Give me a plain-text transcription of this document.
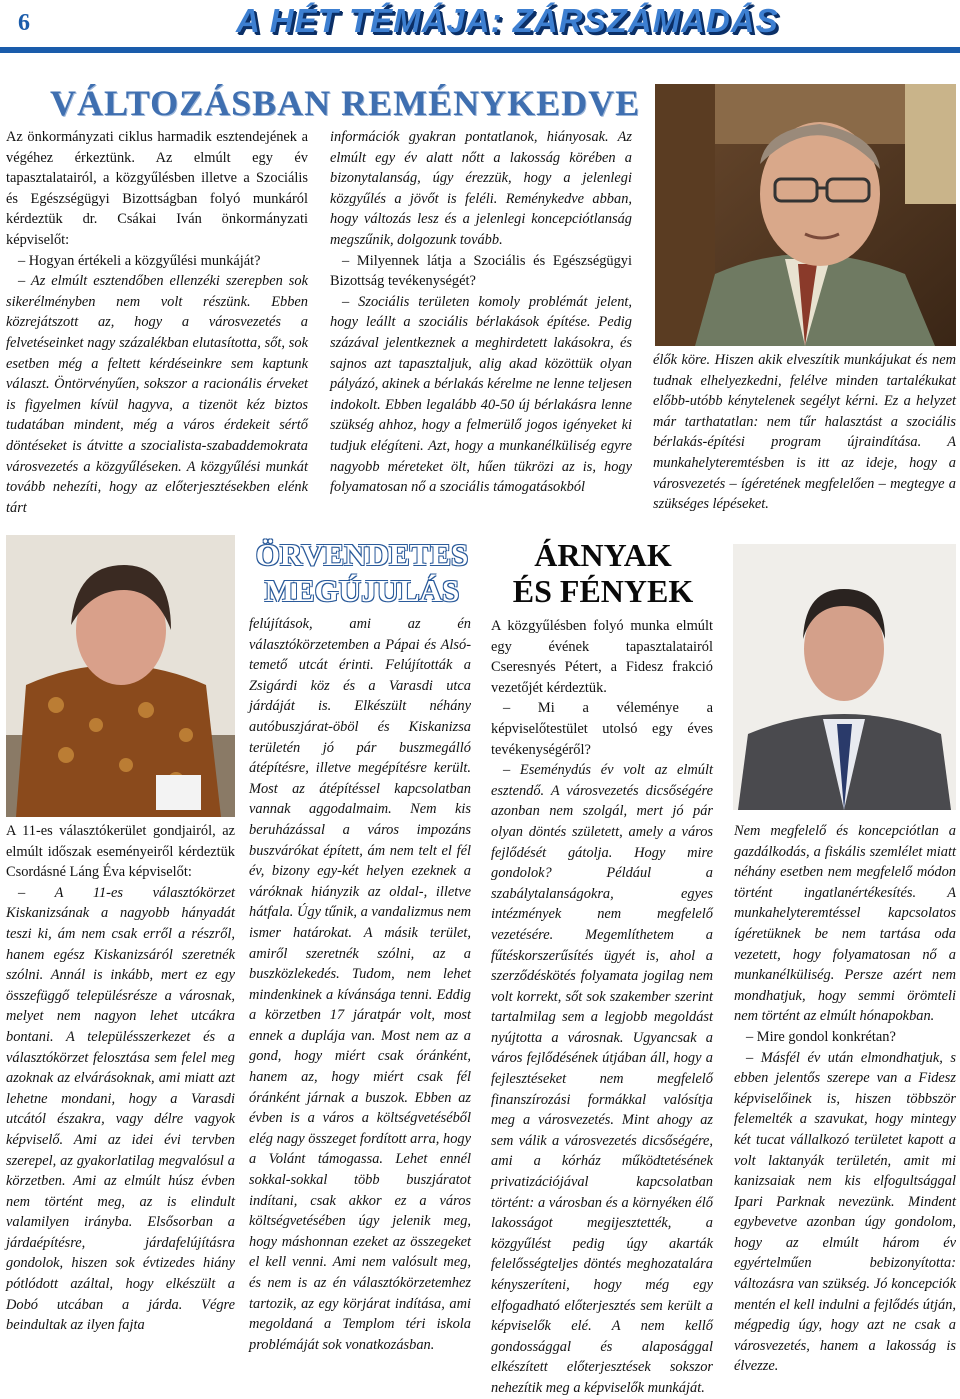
6	A HÉT TÉMÁJA: ZÁRSZÁMADÁS
VÁLTOZÁSBAN REMÉNYKEDVE

Az önkormányzati ciklus harmadik esztendejének a végéhez érkeztünk. Az elmúlt egy év tapasztalatairól, a közgyűlésben illetve a Szociális és Egészségügyi Bizottságban folyó munkáról kérdeztük dr. Csákai Iván önkormányzati képviselőt:

– Hogyan értékeli a közgyűlési munkáját?

– Az elmúlt esztendőben ellenzéki szerepben sok sikerélményben nem volt részünk. Ebben közrejátszott az, hogy a városvezetés a felvetéseinket nagy százalékban elutasította, sőt, sok esetben még a feltett kérdéseinkre sem kaptunk választ. Öntörvényűen, sokszor a racionális érveket is figyelmen kívül hagyva, a tizenöt kéz biztos tudatában mindent, még a város érdekeit sértő döntéseket is átvitte a szocialista-szabaddemokrata városvezetés a közgyűléseken. A közgyűlési munkát tovább nehezíti, hogy az előterjesztésekben elénk tárt

információk gyakran pontatlanok, hiányosak. Az elmúlt egy év alatt nőtt a lakosság körében a bizonytalanság, úgy érezzük, hogy a jelenlegi közgyűlés a jövőt is feléli. Reménykedve abban, hogy változás lesz és a jelenlegi koncepciótlanság megszűnik, dolgozunk tovább.

– Milyennek látja a Szociális és Egészségügyi Bizottság tevékenységét?

– Szociális területen komoly problémát jelent, hogy leállt a szociális bérlakások építése. Pedig százával jelentkeznek a meghirdetett lakásokra, és sajnos azt tapasztaljuk, alig akad közöttük olyan pályázó, akinek a bérlakás kérelme ne lenne teljesen indokolt. Ebben legalább 40-50 új bérlakásra lenne szükség ahhoz, hogy a felmerülő jogos igényeket ki tudjuk elégíteni. Azt, hogy a munkanélküliség egyre nagyobb méreteket ölt, hűen tükrözi az is, hogy folyamatosan nő a szociális támogatásokból

élők köre. Hiszen akik elveszítik munkájukat és nem tudnak elhelyezkedni, felélve minden tartalékukat előbb-utóbb kénytelenek segélyt kérni. Ez a helyzet már tarthatatlan: nem tűr halasztást a szociális bérlakás-építési program újraindítása. A munkahelyteremtésben is itt az ideje, hogy a városvezetés – ígéretének megfelelően – megtegye a szükséges lépéseket.

A 11-es választókerület gondjairól, az elmúlt időszak eseményeiről kérdeztük Csordásné Láng Éva képviselőt:

– A 11-es választókörzet Kiskanizsának a nagyobb hányadát teszi ki, ám nem csak erről a részről, hanem egész Kiskanizsáról szeretnék szólni. Annál is inkább, mert ez egy összefüggő településrésze a városnak, melyet nem nagyon lehet utcákra bontani. A településszerkezet és a választókörzet felosztása sem felel meg azoknak az elvárásoknak, ami miatt azt lehetne mondani, hogy a Varasdi utcától északra, vagy délre vagyok képviselő. Ami az idei évi tervben szerepel, az gyakorlatilag megvalósul a körzetben. Ami az elmúlt húsz évben nem történt meg, az is elindult valamilyen irányba. Elsősorban a járdaépítésre, járdafelújításra gondolok, hiszen sok évtizedes hiány pótlódott azáltal, hogy elkészült a Dobó utcában a járda. Végre beindultak az ilyen fajta

ÖRVENDETES
MEGÚJULÁS

felújítások, ami az én választókörzetemben a Pápai és Alsó-temető utcát érinti. Felújították a Zsigárdi köz és a Varasdi utca járdáját is. Elkészült néhány autóbuszjárat-öböl és Kiskanizsa területén jó pár buszmegálló átépítésre, illetve megépítésre került. Most az átépítéssel kapcsolatban vannak aggodalmaim. Nem kis beruházással a város impozáns buszvárókat épített, ám nem telt el fél év, bizony egy-két helyen ezeknek a váróknak hiányzik az oldal-, illetve hátfala. Úgy tűnik, a vandalizmus nem ismer határokat. A másik terület, amiről szeretnék szólni, az a buszközlekedés. Tudom, nem lehet mindenkinek a kívánsága tenni. Eddig a körzetben 17 járatpár volt, most ennek a duplája van. Most nem az a gond, hogy miért csak óránként, hanem az, hogy miért csak fél óránként járnak a buszok. Ebben az évben is a város a költségvetéséből elég nagy összeget fordított arra, hogy a Volánt támogassa. Lehet ennél sokkal-sokkal több buszjáratot indítani, csak akkor ez a város költségvetésében úgy jelenik meg, hogy máshonnan ezeket az összegeket el kell venni. Ami nem valósult meg, és nem is az én választókörzetemhez tartozik, az egy körjárat indítása, ami megoldaná a Templom téri iskola problémáját sok vonatkozásban.

ÁRNYAK
ÉS FÉNYEK

A közgyűlésben folyó munka elmúlt egy évének tapasztalatairól Cseresnyés Pétert, a Fidesz frakció vezetőjét kérdeztük.

– Mi a véleménye a képviselőtestület utolsó egy éves tevékenységéről?

– Eseménydús év volt az elmúlt esztendő. A városvezetés dicsőségére azonban nem szolgál, mert jó pár olyan döntés született, amely a város fejlődését gátolja. Hogy mire gondolok? Például a szabálytalanságokra, egyes intézmények nem megfelelő vezetésére. Megemlíthetem a fűtéskorszerűsítés ügyét is, ahol a szerződéskötés folyamata jogilag nem volt korrekt, sőt sok szakember szerint tartalmilag sem a legjobb megoldást nyújtotta a városnak. Ugyancsak a város fejlődésének útjában áll, hogy a fejlesztéseket nem megfelelő finanszírozási formákkal valósítja meg a városvezetés. Mint ahogy az sem válik a városvezetés dicsőségére, ami a kórház működtetésének privatizációjával kapcsolatban történt: a városban és a környéken élő lakosságot megijesztették, a közgyűlést pedig úgy akarták felelősségteljes döntés meghozatalára kényszeríteni, hogy még egy elfogadható előterjesztés sem került a képviselők elé. A nem kellő gondossággal és alaposággal elkészített előterjesztések sokszor nehezítik meg a képviselők munkáját.

Nem megfelelő és koncepciótlan a gazdálkodás, a fiskális szemlélet miatt néhány esetben nem megfelelő módon történt ingatlanértékesítés. A munkahelyteremtéssel kapcsolatos ígéretüknek be nem tartása oda vezetett, hogy folyamatosan nő a munkanélküliség. Persze azért nem mondhatjuk, hogy semmi örömteli nem történt az elmúlt hónapokban.

– Mire gondol konkrétan?

– Másfél év után elmondhatjuk, s ebben jelentős szerepe van a Fidesz képviselőinek is, hiszen többször felemelték a szavukat, hogy mintegy két tucat vállalkozó területet kapott a volt laktanyák területén, amit mi kanizsaiak nem kis elfogultsággal Ipari Parknak nevezünk. Mindent egybevetve azonban úgy gondolom, hogy az elmúlt három év egyértelműen bebizonyította: változásra van szükség. Jó koncepciók mentén el kell indulni a fejlődés útján, mégpedig úgy, hogy azt ne csak a városvezetés, hanem a lakosság is élvezze.
